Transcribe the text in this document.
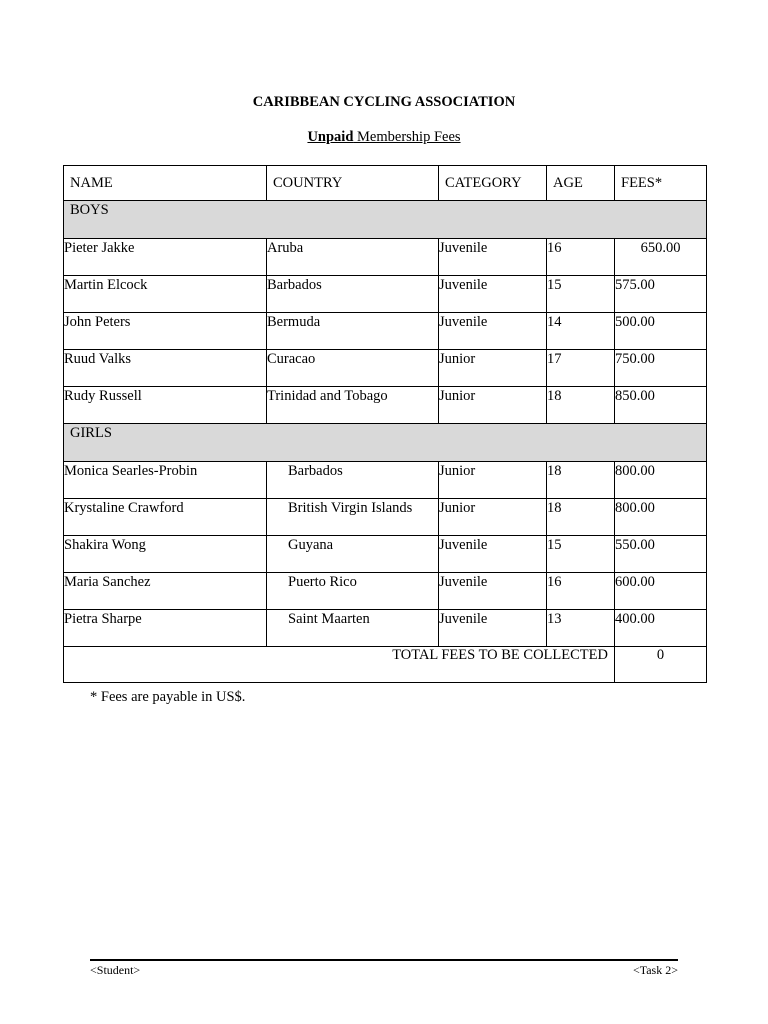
CARIBBEAN CYCLING ASSOCIATION
Unpaid Membership Fees
NAME	COUNTRY	CATEGORY	AGE	FEES*
BOYS				

Pieter Jakke	Aruba	Juvenile	16	650.00

Martin Elcock	Barbados	Juvenile	15	575.00

John Peters	Bermuda	Juvenile	14	500.00

Ruud Valks	Curacao	Junior	17	750.00

Rudy Russell	Trinidad and Tobago	Junior	18	850.00

GIRLS				

Monica Searles-Probin	Barbados	Junior	18	800.00

Krystaline Crawford	British Virgin Islands	Junior	18	800.00

Shakira Wong	Guyana	Juvenile	15	550.00

Maria Sanchez	Puerto Rico	Juvenile	16	600.00

Pietra Sharpe	Saint Maarten	Juvenile	13	400.00

TOTAL FEES TO BE COLLECTED				0
* Fees are payable in US$.
<Student>	<Task 2>
